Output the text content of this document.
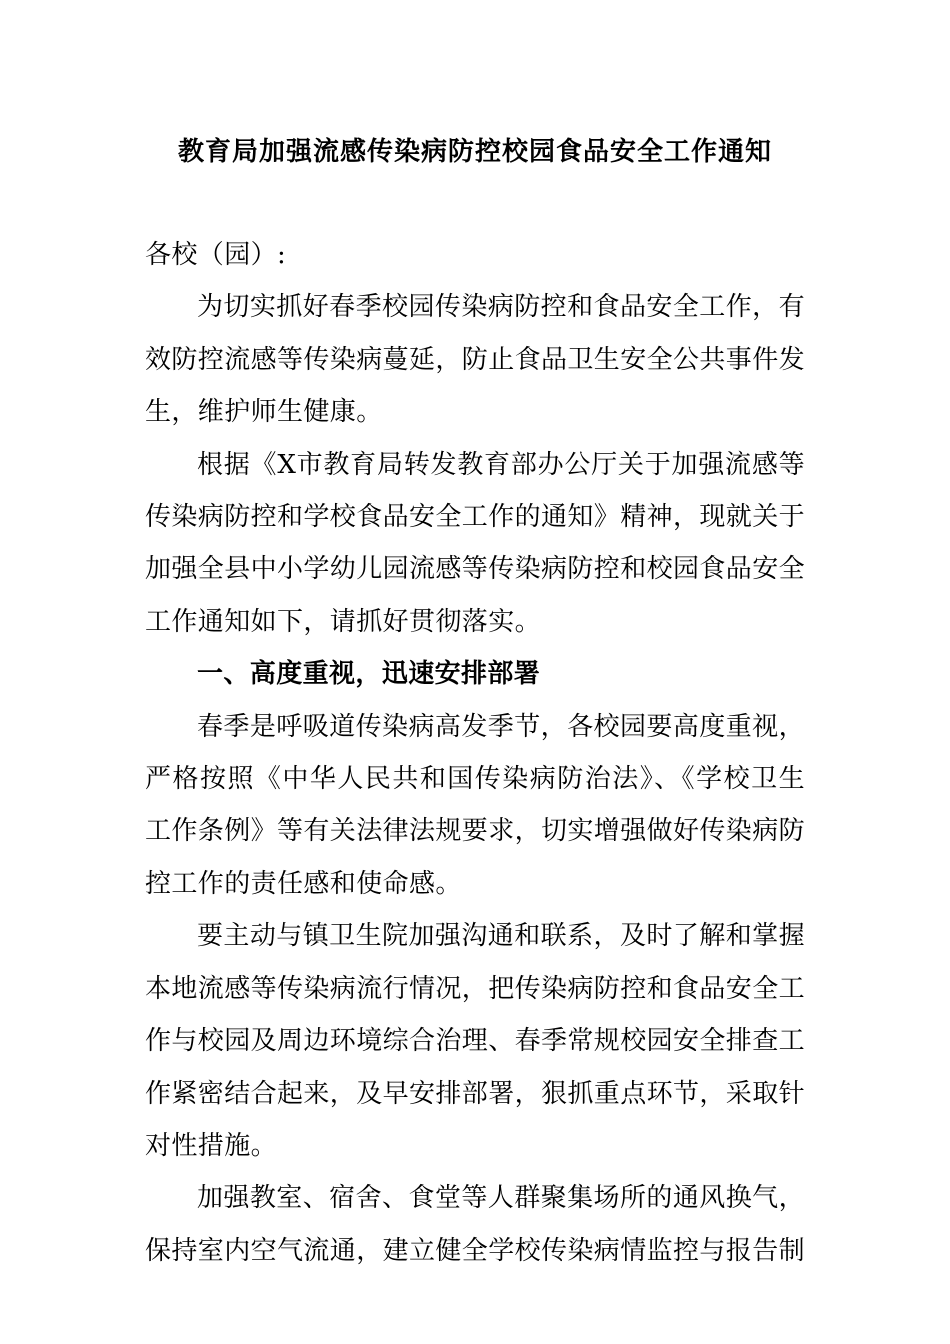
教育局加强流感传染病防控校园食品安全工作通知

各校（园）:

为切实抓好春季校园传染病防控和食品安全工作，有效防控流感等传染病蔓延，防止食品卫生安全公共事件发生，维护师生健康。

根据《X市教育局转发教育部办公厅关于加强流感等传染病防控和学校食品安全工作的通知》精神，现就关于加强全县中小学幼儿园流感等传染病防控和校园食品安全工作通知如下，请抓好贯彻落实。

一、高度重视，迅速安排部署

春季是呼吸道传染病高发季节，各校园要高度重视，严格按照《中华人民共和国传染病防治法》、《学校卫生工作条例》等有关法律法规要求，切实增强做好传染病防控工作的责任感和使命感。

要主动与镇卫生院加强沟通和联系，及时了解和掌握本地流感等传染病流行情况，把传染病防控和食品安全工作与校园及周边环境综合治理、春季常规校园安全排查工作紧密结合起来，及早安排部署，狠抓重点环节，采取针对性措施。

加强教室、宿舍、食堂等人群聚集场所的通风换气，保持室内空气流通，建立健全学校传染病情监控与报告制
